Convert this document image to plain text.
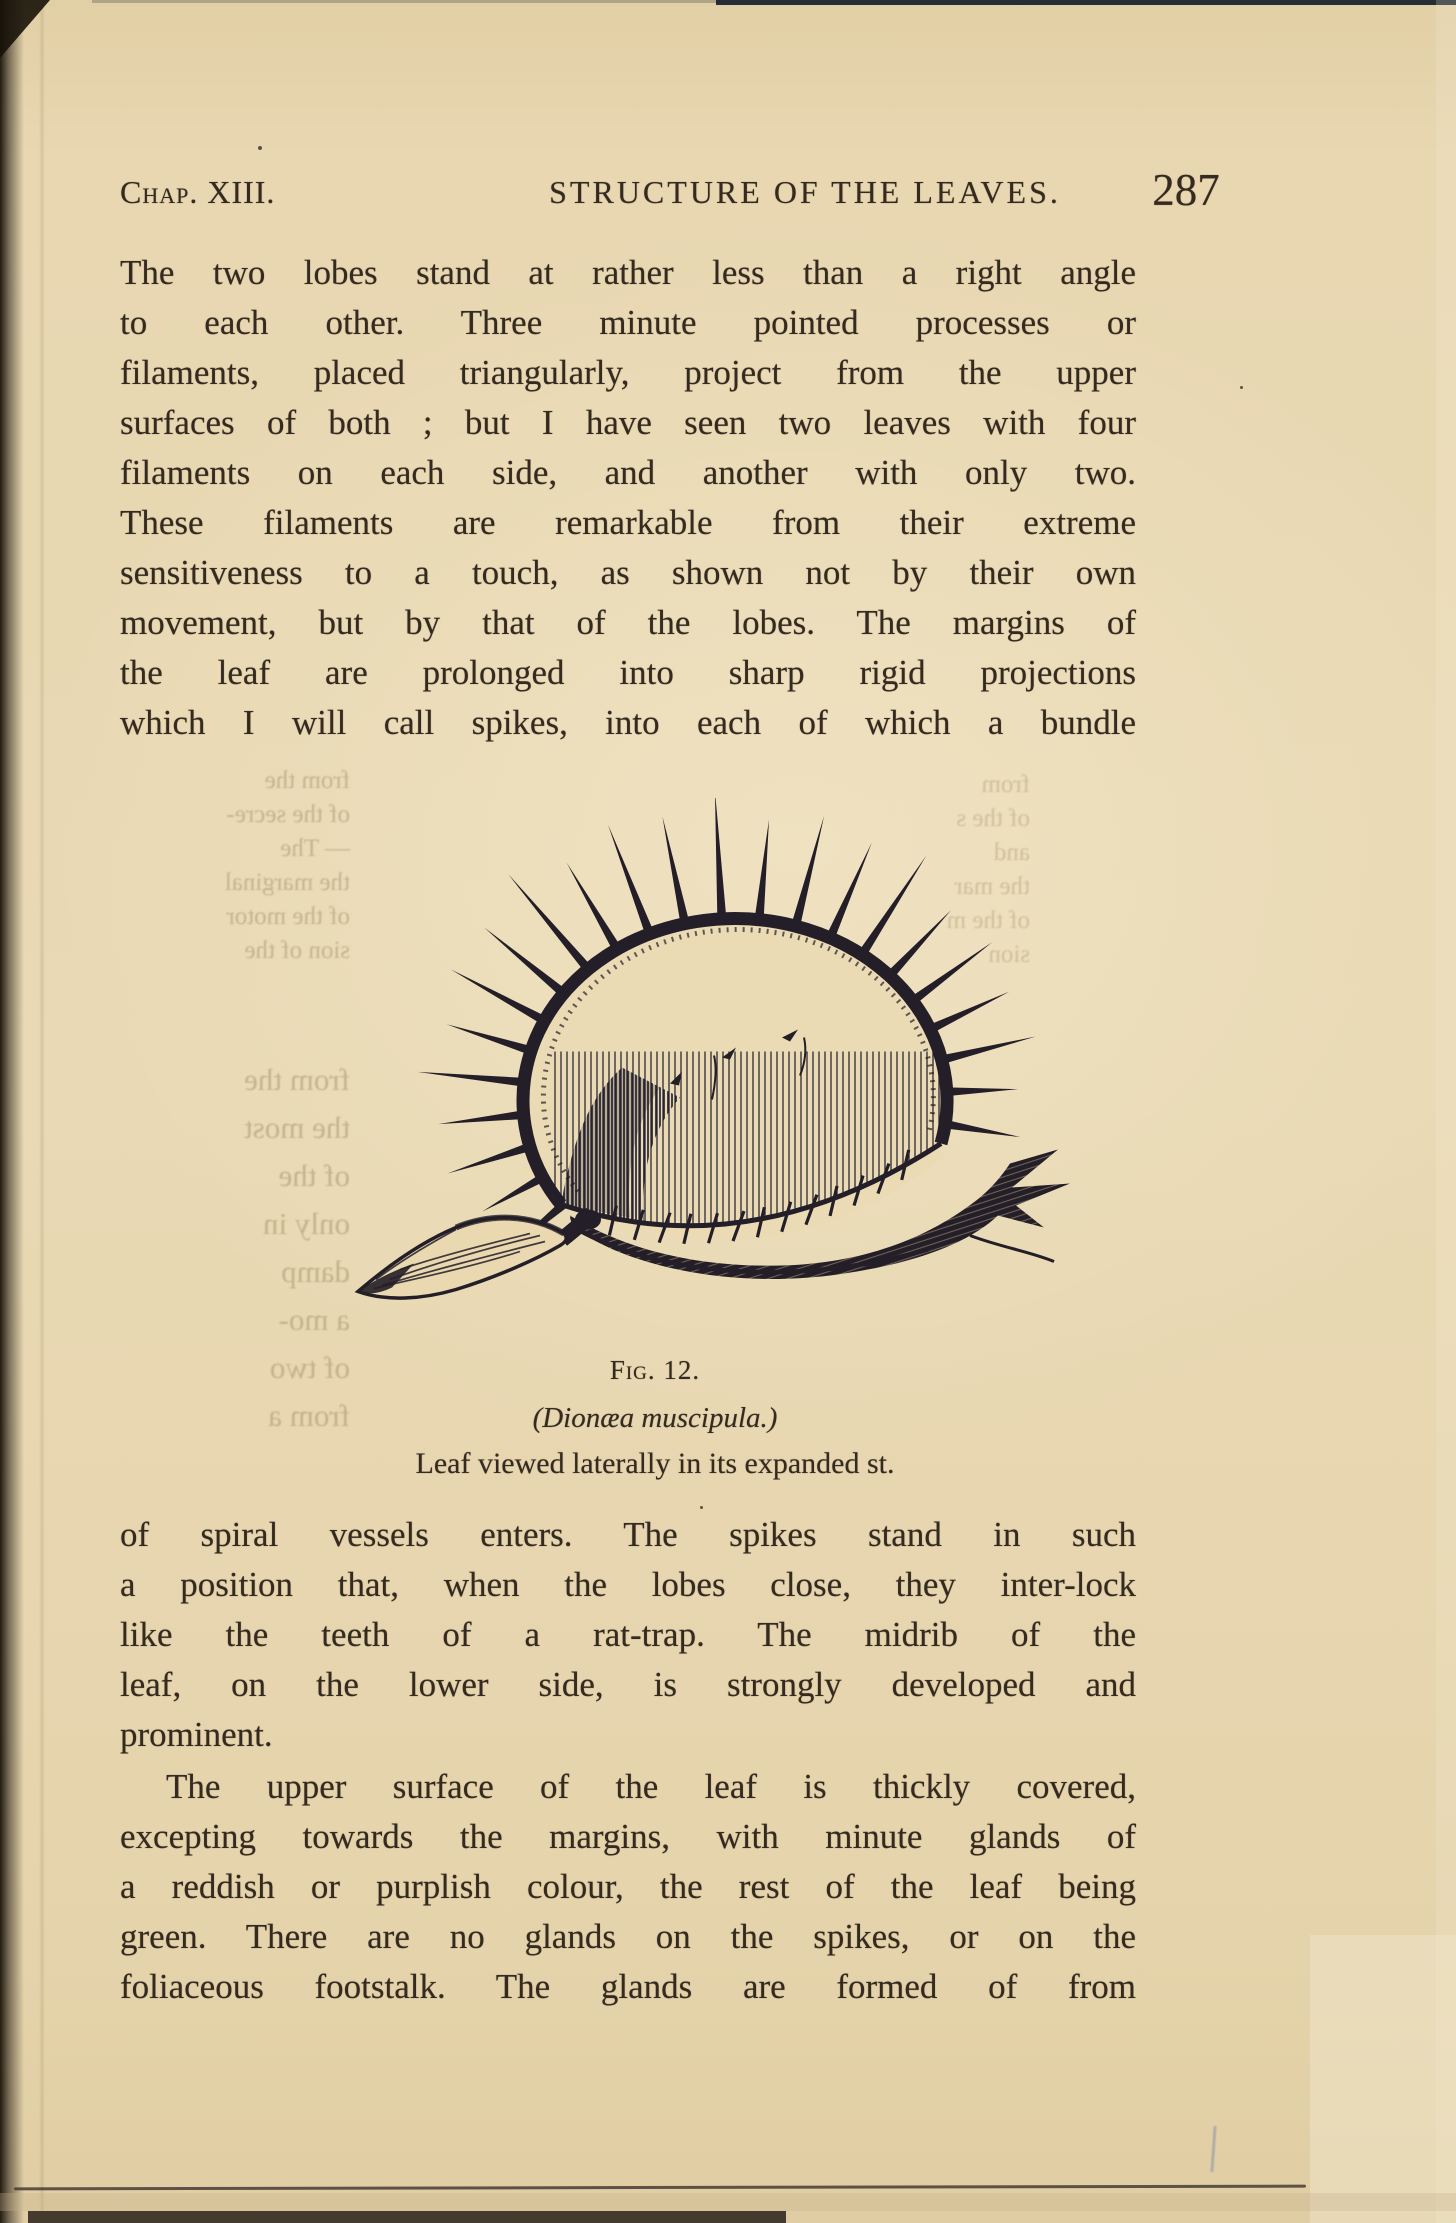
from the
of the secre-
— The
the marginal
of the motor
sion of the
from the
the most
of the
only in
damp
a mo-
of two
from a
from
of the s
and
the mar
of the m
sion
Chap. XIII.	STRUCTURE OF THE LEAVES.	287
The two lobes stand at rather less than a right angle
to each other. Three minute pointed processes or
filaments, placed triangularly, project from the upper
surfaces of both ; but I have seen two leaves with four
filaments on each side, and another with only two.
These filaments are remarkable from their extreme
sensitiveness to a touch, as shown not by their own
movement, but by that of the lobes. The margins of
the leaf are prolonged into sharp rigid projections
which I will call spikes, into each of which a bundle
Fig. 12.
(Dionæa muscipula.)
Leaf viewed laterally in its expanded st.
of spiral vessels enters. The spikes stand in such
a position that, when the lobes close, they inter-lock
like the teeth of a rat-trap. The midrib of the
leaf, on the lower side, is strongly developed and
prominent.
The upper surface of the leaf is thickly covered,
excepting towards the margins, with minute glands of
a reddish or purplish colour, the rest of the leaf being
green. There are no glands on the spikes, or on the
foliaceous footstalk. The glands are formed of from
